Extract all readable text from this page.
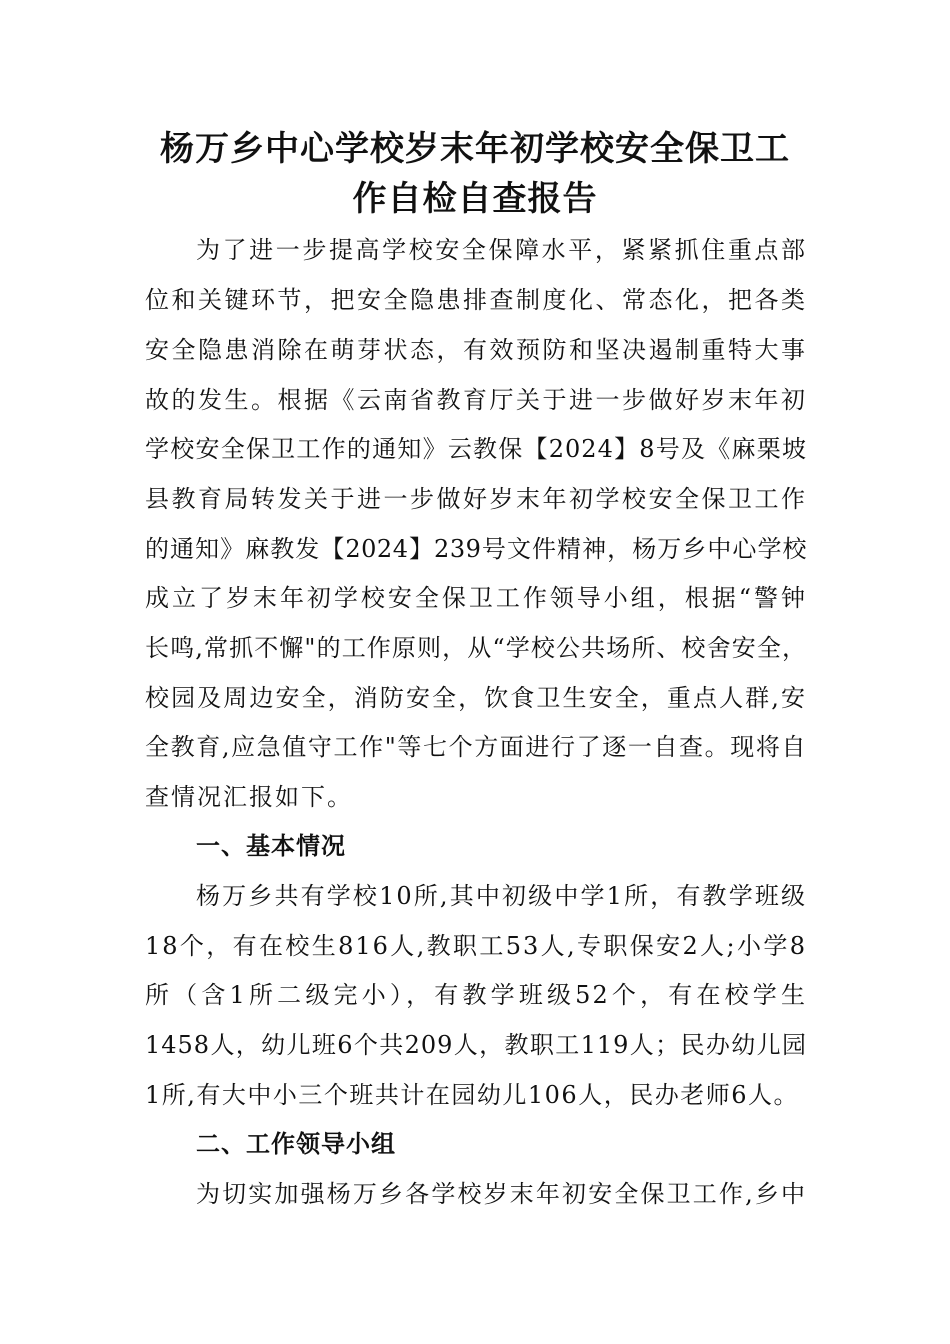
杨万乡中心学校岁末年初学校安全保卫工
作自检自查报告
为了进一步提高学校安全保障水平，紧紧抓住重点部
位和关键环节，把安全隐患排查制度化、常态化，把各类
安全隐患消除在萌芽状态，有效预防和坚决遏制重特大事
故的发生。根据《云南省教育厅关于进一步做好岁末年初
学校安全保卫工作的通知》云教保【2024】8号及《麻栗坡
县教育局转发关于进一步做好岁末年初学校安全保卫工作
的通知》麻教发【2024】239号文件精神，杨万乡中心学校
成立了岁末年初学校安全保卫工作领导小组，根据“警钟
长鸣,常抓不懈"的工作原则，从“学校公共场所、校舍安全，
校园及周边安全，消防安全，饮食卫生安全，重点人群,安
全教育,应急值守工作"等七个方面进行了逐一自查。现将自
查情况汇报如下。
一、基本情况
杨万乡共有学校10所,其中初级中学1所，有教学班级
18个，有在校生816人,教职工53人,专职保安2人;小学8
所（含1所二级完小），有教学班级52个，有在校学生
1458人，幼儿班6个共209人，教职工119人；民办幼儿园
1所,有大中小三个班共计在园幼儿106人，民办老师6人。
二、工作领导小组
为切实加强杨万乡各学校岁末年初安全保卫工作,乡中
